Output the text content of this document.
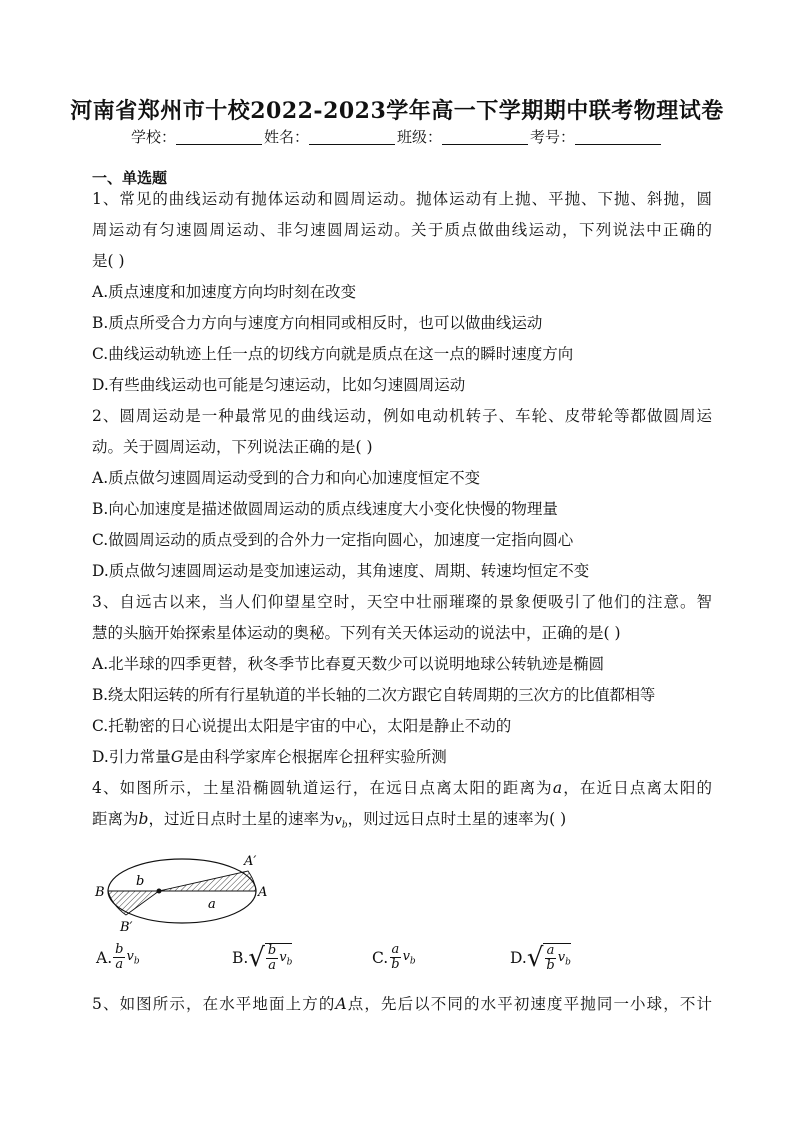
河南省郑州市十校2022-2023学年高一下学期期中联考物理试卷
学校：	姓名：	班级：	考号：
一、单选题
1、常见的曲线运动有抛体运动和圆周运动。抛体运动有上抛、平抛、下抛、斜抛，圆
周运动有匀速圆周运动、非匀速圆周运动。关于质点做曲线运动，下列说法中正确的
是( )
A.质点速度和加速度方向均时刻在改变
B.质点所受合力方向与速度方向相同或相反时，也可以做曲线运动
C.曲线运动轨迹上任一点的切线方向就是质点在这一点的瞬时速度方向
D.有些曲线运动也可能是匀速运动，比如匀速圆周运动
2、圆周运动是一种最常见的曲线运动，例如电动机转子、车轮、皮带轮等都做圆周运
动。关于圆周运动，下列说法正确的是( )
A.质点做匀速圆周运动受到的合力和向心加速度恒定不变
B.向心加速度是描述做圆周运动的质点线速度大小变化快慢的物理量
C.做圆周运动的质点受到的合外力一定指向圆心，加速度一定指向圆心
D.质点做匀速圆周运动是变加速运动，其角速度、周期、转速均恒定不变
3、自远古以来，当人们仰望星空时，天空中壮丽璀璨的景象便吸引了他们的注意。智
慧的头脑开始探索星体运动的奥秘。下列有关天体运动的说法中，正确的是( )
A.北半球的四季更替，秋冬季节比春夏天数少可以说明地球公转轨迹是椭圆
B.绕太阳运转的所有行星轨道的半长轴的二次方跟它自转周期的三次方的比值都相等
C.托勒密的日心说提出太阳是宇宙的中心，太阳是静止不动的
D.引力常量G是由科学家库仑根据库仑扭秤实验所测
4、如图所示，土星沿椭圆轨道运行，在远日点离太阳的距离为a，在近日点离太阳的
距离为b，过近日点时土星的速率为$v_b$，则过远日点时土星的速率为( )
B
b
A′
A
a
B′
A. $\frac{b}{a} v_b$	B. √ $\frac{b}{a} v_b$	C. $\frac{a}{b} v_b$	D. √ $\frac{a}{b} v_b$
5、如图所示，在水平地面上方的A点，先后以不同的水平初速度平抛同一小球，不计
